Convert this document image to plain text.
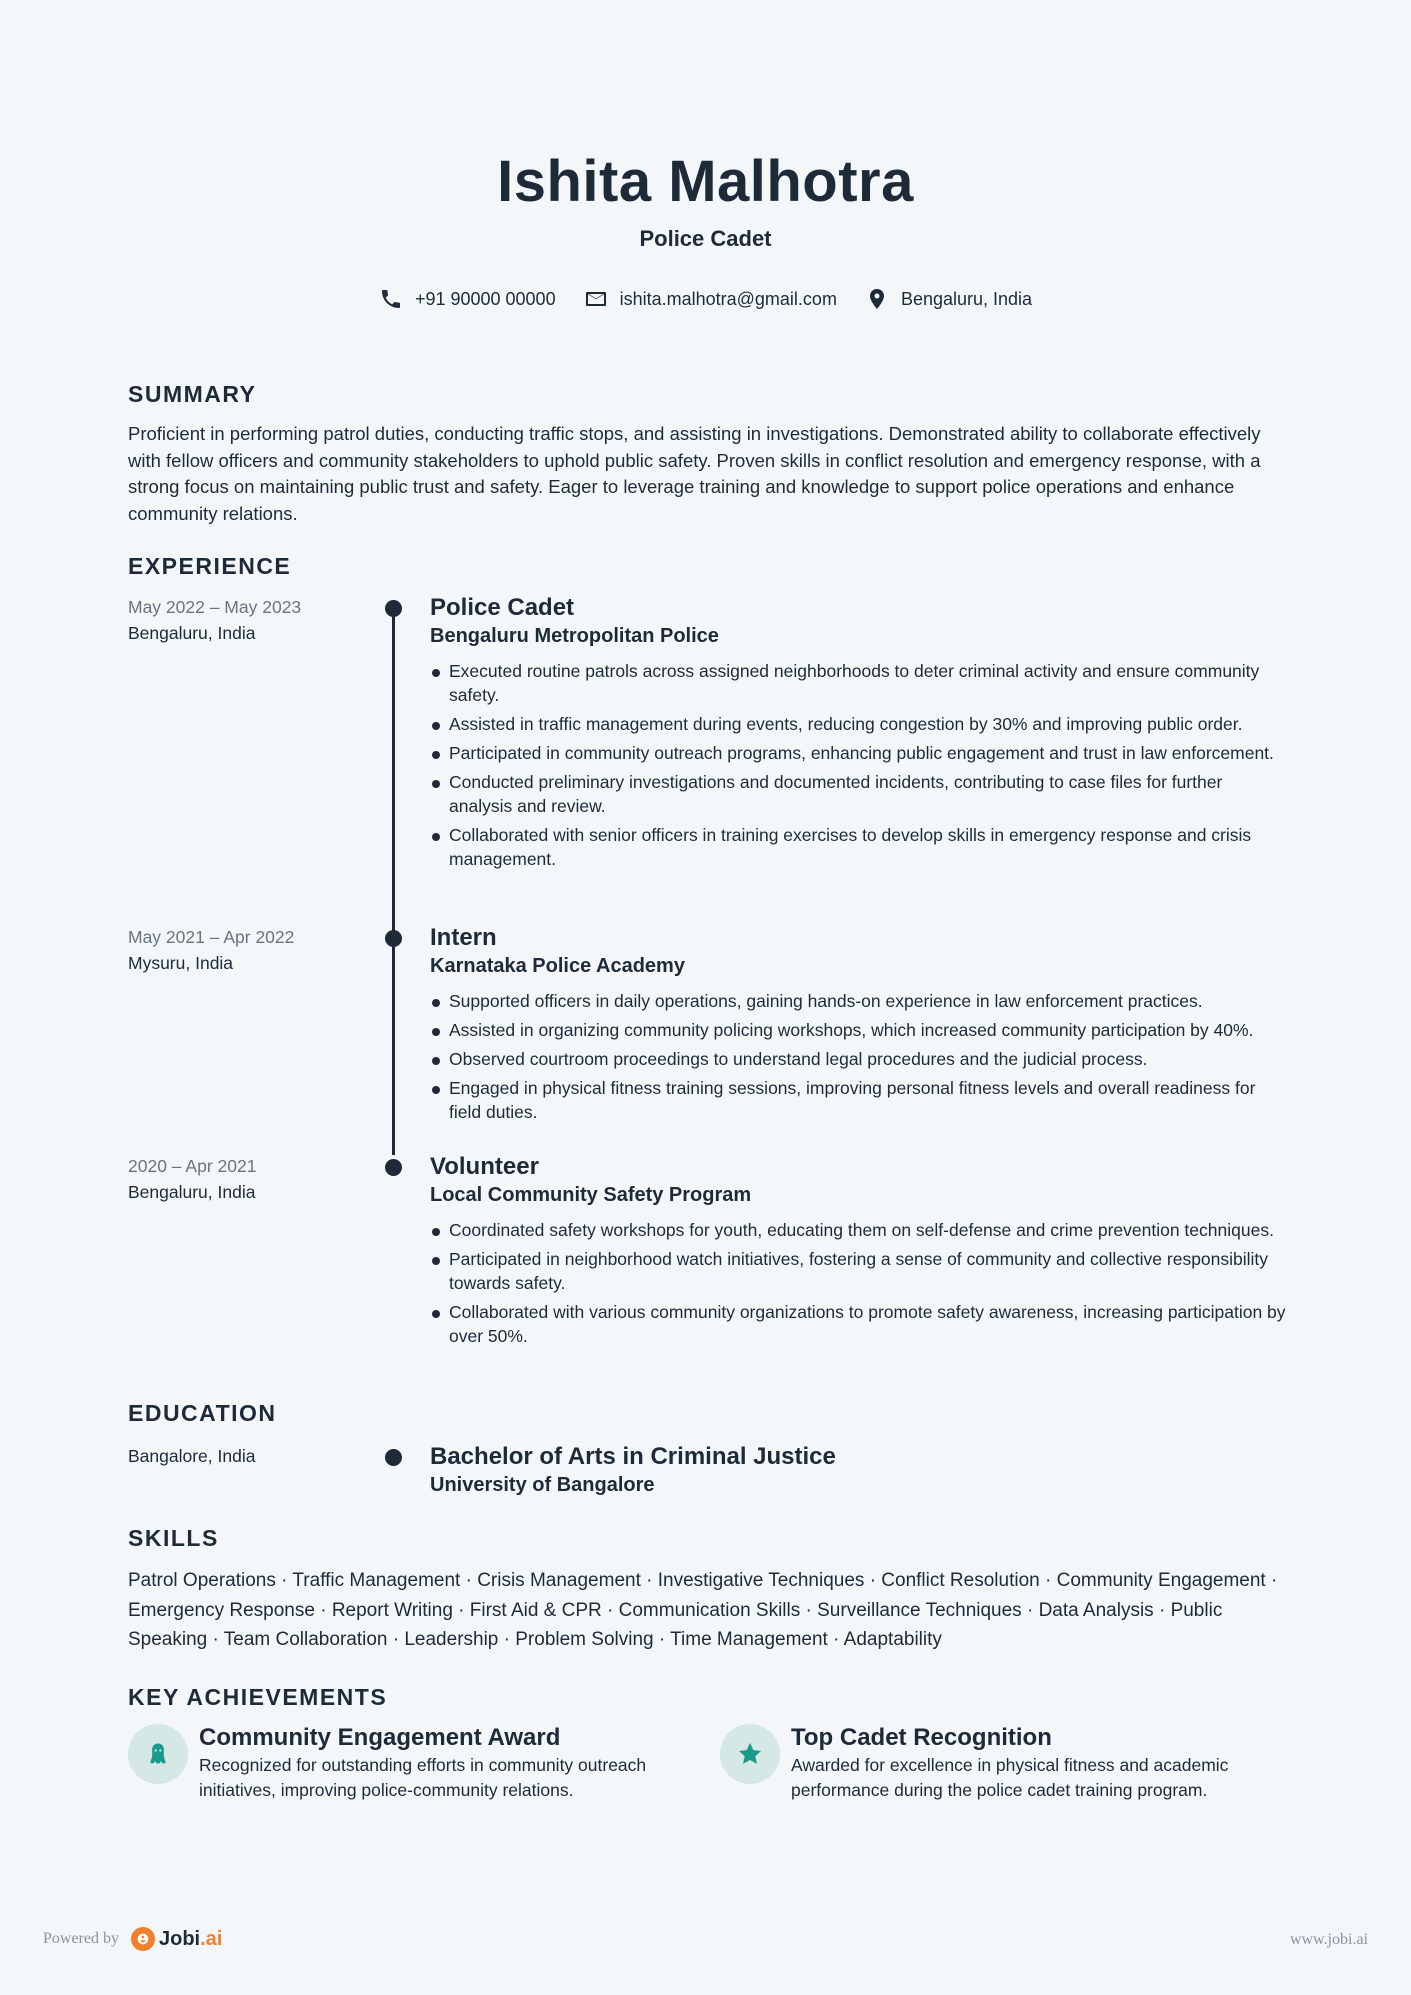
Ishita Malhotra
Police Cadet
+91 90000 00000	ishita.malhotra@gmail.com	Bengaluru, India
SUMMARY
Proficient in performing patrol duties, conducting traffic stops, and assisting in investigations. Demonstrated ability to collaborate effectively with fellow officers and community stakeholders to uphold public safety. Proven skills in conflict resolution and emergency response, with a strong focus on maintaining public trust and safety. Eager to leverage training and knowledge to support police operations and enhance community relations.
EXPERIENCE
May 2022 – May 2023
Bengaluru, India
Police Cadet
Bengaluru Metropolitan Police
Executed routine patrols across assigned neighborhoods to deter criminal activity and ensure community safety.
Assisted in traffic management during events, reducing congestion by 30% and improving public order.
Participated in community outreach programs, enhancing public engagement and trust in law enforcement.
Conducted preliminary investigations and documented incidents, contributing to case files for further analysis and review.
Collaborated with senior officers in training exercises to develop skills in emergency response and crisis management.
May 2021 – Apr 2022
Mysuru, India
Intern
Karnataka Police Academy
Supported officers in daily operations, gaining hands-on experience in law enforcement practices.
Assisted in organizing community policing workshops, which increased community participation by 40%.
Observed courtroom proceedings to understand legal procedures and the judicial process.
Engaged in physical fitness training sessions, improving personal fitness levels and overall readiness for field duties.
2020 – Apr 2021
Bengaluru, India
Volunteer
Local Community Safety Program
Coordinated safety workshops for youth, educating them on self-defense and crime prevention techniques.
Participated in neighborhood watch initiatives, fostering a sense of community and collective responsibility towards safety.
Collaborated with various community organizations to promote safety awareness, increasing participation by over 50%.
EDUCATION
Bangalore, India	Bachelor of Arts in Criminal Justice
University of Bangalore
SKILLS
Patrol Operations · Traffic Management · Crisis Management · Investigative Techniques · Conflict Resolution · Community Engagement · Emergency Response · Report Writing · First Aid & CPR · Communication Skills · Surveillance Techniques · Data Analysis · Public Speaking · Team Collaboration · Leadership · Problem Solving · Time Management · Adaptability
KEY ACHIEVEMENTS
Community Engagement Award
Recognized for outstanding efforts in community outreach initiatives, improving police-community relations.
Top Cadet Recognition
Awarded for excellence in physical fitness and academic performance during the police cadet training program.
Powered by Jobi.ai	www.jobi.ai
